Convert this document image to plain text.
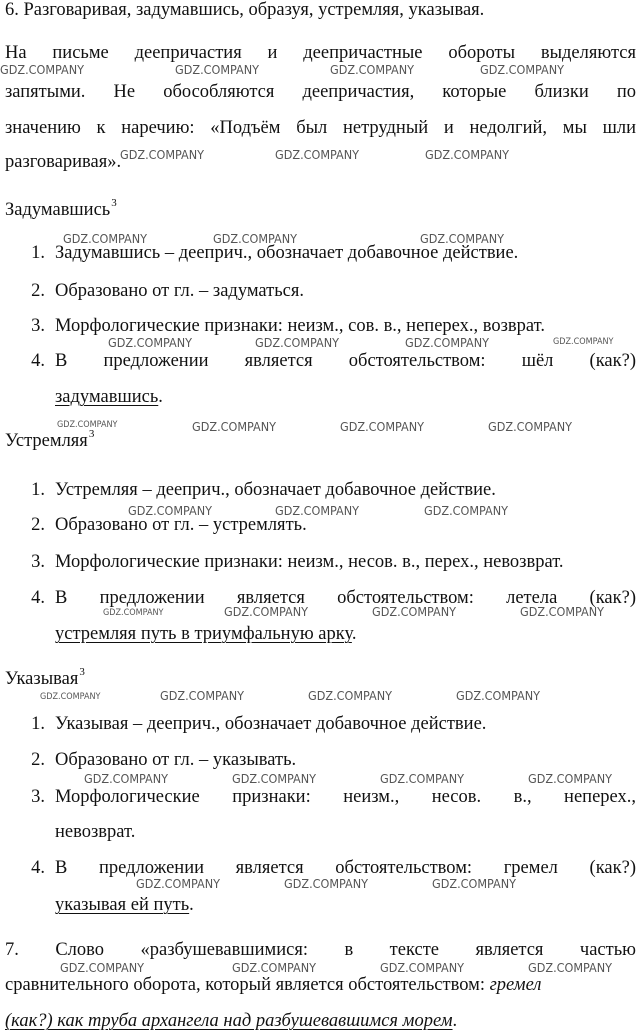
6. Разговаривая, задумавшись, образуя, устремляя, указывая.
На письме деепричастия и деепричастные обороты выделяются
запятыми. Не обособляются деепричастия, которые близки по
значению к наречию: «Подъём был нетрудный и недолгий, мы шли
разговаривая».
Задумавшись$^3$
1. Задумавшись – дееприч., обозначает добавочное действие.
2. Образовано от гл. – задуматься.
3. Морфологические признаки: неизм., сов. в., неперех., возврат.
4. В предложении является обстоятельством: шёл (как?)
задумавшись.
Устремляя$^3$
1. Устремляя – дееприч., обозначает добавочное действие.
2. Образовано от гл. – устремлять.
3. Морфологические признаки: неизм., несов. в., перех., невозврат.
4. В предложении является обстоятельством: летела (как?)
устремляя путь в триумфальную арку.
Указывая$^3$
1. Указывая – дееприч., обозначает добавочное действие.
2. Образовано от гл. – указывать.
3. Морфологические признаки: неизм., несов. в., неперех.,
невозврат.
4. В предложении является обстоятельством: гремел (как?)
указывая ей путь.
7. Слово «разбушевавшимися: в тексте является частью
сравнительного оборота, который является обстоятельством: гремел
(как?) как труба архангела над разбушевавшимся морем.
GDZ.COMPANY	GDZ.COMPANY	GDZ.COMPANY	GDZ.COMPANY
GDZ.COMPANY	GDZ.COMPANY	GDZ.COMPANY
GDZ.COMPANY	GDZ.COMPANY	GDZ.COMPANY
GDZ.COMPANY	GDZ.COMPANY	GDZ.COMPANY	GDZ.COMPANY
GDZ.COMPANY	GDZ.COMPANY	GDZ.COMPANY	GDZ.COMPANY
GDZ.COMPANY	GDZ.COMPANY	GDZ.COMPANY
GDZ.COMPANY	GDZ.COMPANY	GDZ.COMPANY	GDZ.COMPANY
GDZ.COMPANY	GDZ.COMPANY	GDZ.COMPANY	GDZ.COMPANY
GDZ.COMPANY	GDZ.COMPANY	GDZ.COMPANY	GDZ.COMPANY
GDZ.COMPANY	GDZ.COMPANY	GDZ.COMPANY
GDZ.COMPANY	GDZ.COMPANY	GDZ.COMPANY	GDZ.COMPANY
